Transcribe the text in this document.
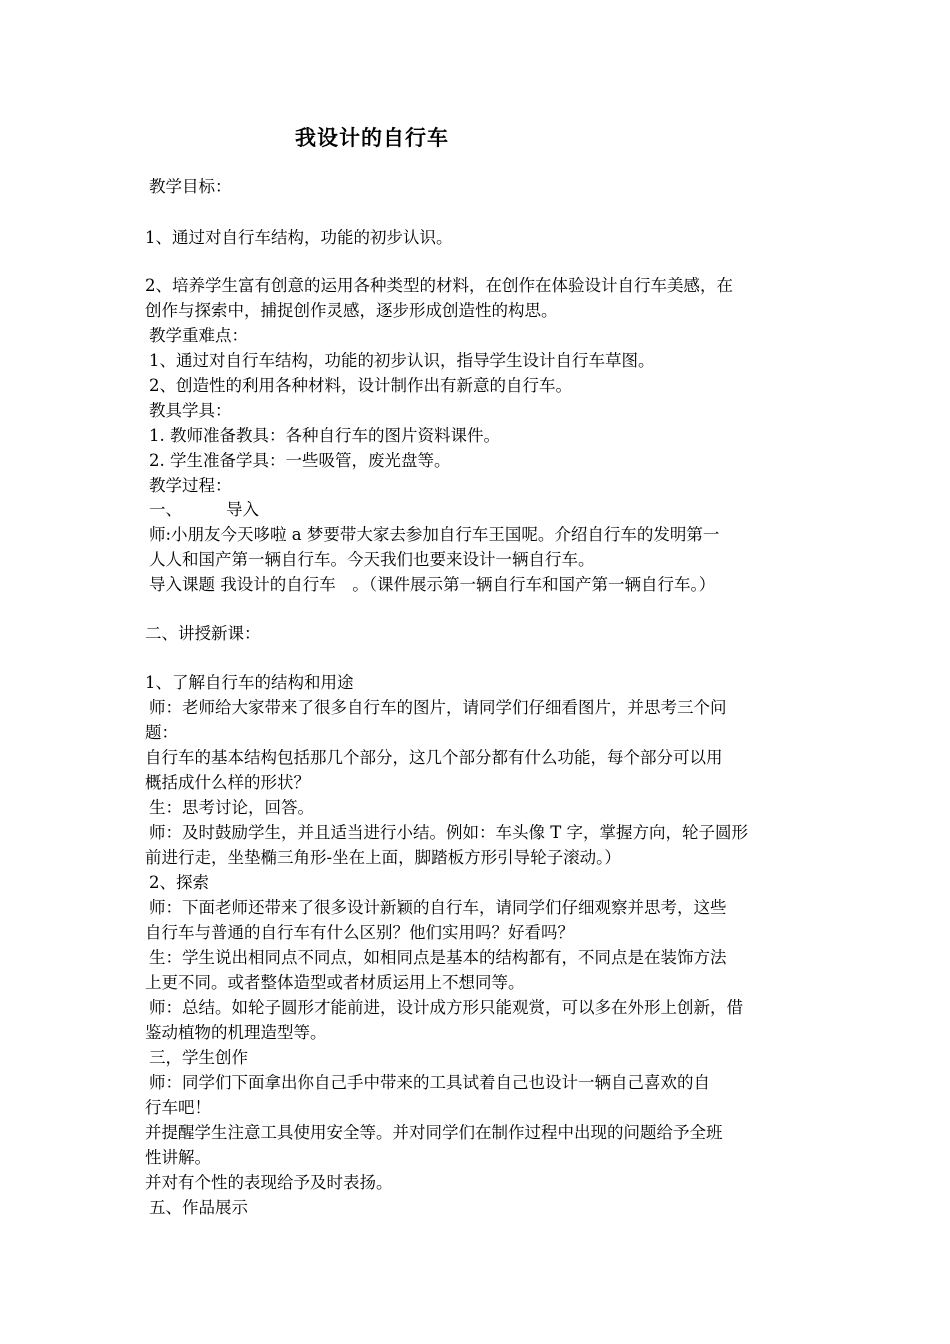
我设计的自行车
教学目标：
1、通过对自行车结构，功能的初步认识。
2、培养学生富有创意的运用各种类型的材料，在创作在体验设计自行车美感，在
创作与探索中，捕捉创作灵感，逐步形成创造性的构思。
教学重难点：
1、通过对自行车结构，功能的初步认识，指导学生设计自行车草图。
2、创造性的利用各种材料，设计制作出有新意的自行车。
教具学具：
1. 教师准备教具：各种自行车的图片资料课件。
2. 学生准备学具：一些吸管，废光盘等。
教学过程：
一、	导入
师:小朋友今天哆啦 a 梦要带大家去参加自行车王国呢。介绍自行车的发明第一
人人和国产第一辆自行车。今天我们也要来设计一辆自行车。
导入课题 我设计的自行车　。（课件展示第一辆自行车和国产第一辆自行车。）
二、讲授新课：
1、了解自行车的结构和用途
师：老师给大家带来了很多自行车的图片，请同学们仔细看图片，并思考三个问
题：
自行车的基本结构包括那几个部分，这几个部分都有什么功能，每个部分可以用
概括成什么样的形状？
生：思考讨论，回答。
师：及时鼓励学生，并且适当进行小结。例如：车头像 T 字，掌握方向，轮子圆形
前进行走，坐垫椭三角形-坐在上面，脚踏板方形引导轮子滚动。）
2、探索
师：下面老师还带来了很多设计新颖的自行车，请同学们仔细观察并思考，这些
自行车与普通的自行车有什么区别？他们实用吗？好看吗？
生：学生说出相同点不同点，如相同点是基本的结构都有，不同点是在装饰方法
上更不同。或者整体造型或者材质运用上不想同等。
师：总结。如轮子圆形才能前进，设计成方形只能观赏，可以多在外形上创新，借
鉴动植物的机理造型等。
三，学生创作
师：同学们下面拿出你自己手中带来的工具试着自己也设计一辆自己喜欢的自
行车吧！
并提醒学生注意工具使用安全等。并对同学们在制作过程中出现的问题给予全班
性讲解。
并对有个性的表现给予及时表扬。
五、作品展示
